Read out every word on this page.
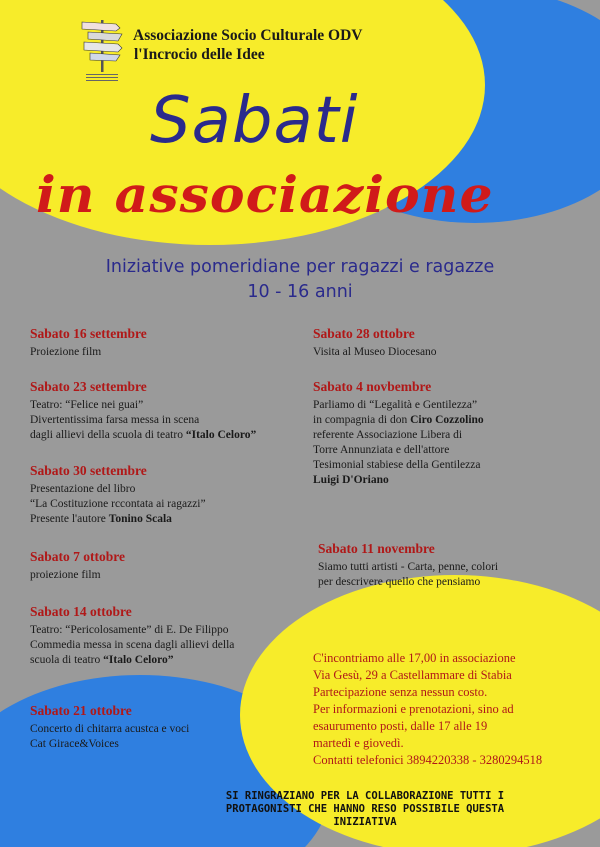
Associazione Socio Culturale ODV
l'Incrocio delle Idee
Sabati
in associazione
Iniziative pomeridiane per ragazzi e ragazze
10 - 16 anni
Sabato 16 settembre
Proiezione film
Sabato 23 settembre
Teatro: “Felice nei guai”
Divertentissima farsa messa in scena
dagli allievi della scuola di teatro “Italo Celoro”
Sabato 30 settembre
Presentazione del libro
“La Costituzione rccontata ai ragazzi”
Presente l'autore Tonino Scala
Sabato 7 ottobre
proiezione film
Sabato 14 ottobre
Teatro: “Pericolosamente” di E. De Filippo
Commedia messa in scena dagli allievi della
scuola di teatro “Italo Celoro”
Sabato 21 ottobre
Concerto di chitarra acustca e voci
Cat Girace&Voices
Sabato 28 ottobre
Visita al Museo Diocesano
Sabato 4 novbembre
Parliamo di “Legalità e Gentilezza”
in compagnia di don Ciro Cozzolino
referente Associazione Libera di
Torre Annunziata e dell'attore
Tesimonial stabiese della Gentilezza
Luigi D'Oriano
Sabato 11 novembre
Siamo tutti artisti - Carta, penne, colori
per descrivere quello che pensiamo
C'incontriamo alle 17,00 in associazione
Via Gesù, 29 a Castellammare di Stabia
Partecipazione senza nessun costo.
Per informazioni e prenotazioni, sino ad
esaurumento posti, dalle 17 alle 19
martedì e giovedì.
Contatti telefonici 3894220338 - 3280294518
SI RINGRAZIANO PER LA COLLABORAZIONE TUTTI I
PROTAGONISTI CHE HANNO RESO POSSIBILE QUESTA
INIZIATIVA
